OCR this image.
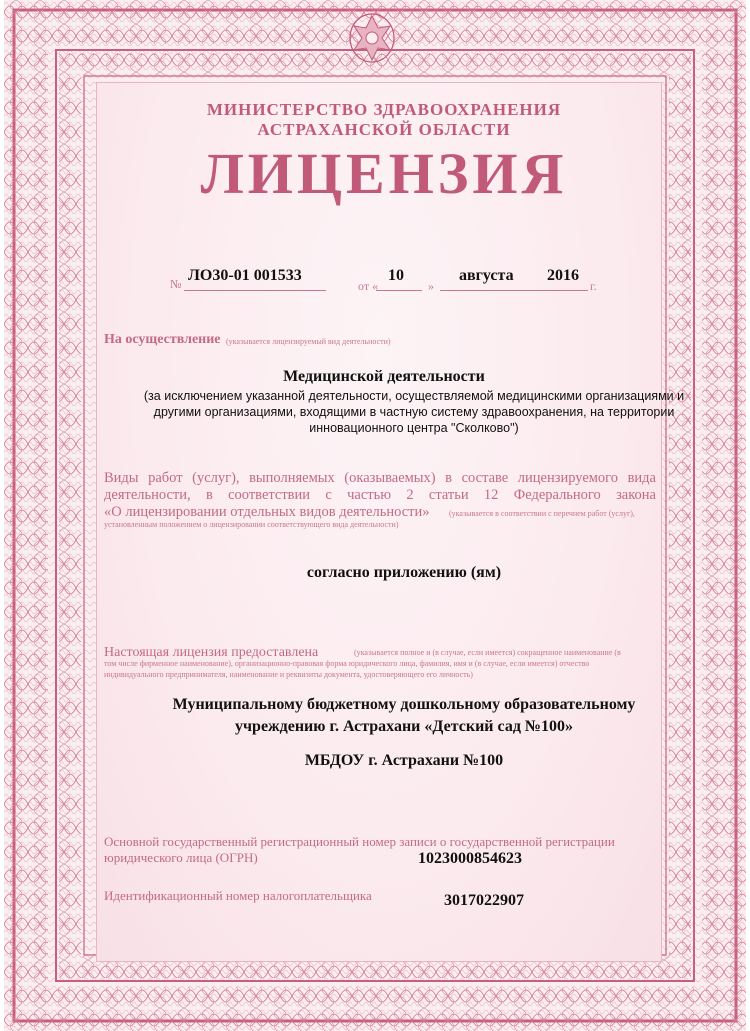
МИНИСТЕРСТВО ЗДРАВООХРАНЕНИЯ
АСТРАХАНСКОЙ ОБЛАСТИ
ЛИЦЕНЗИЯ
№ ЛО30-01 001533
от «
10
»
августа 2016
г.
На осуществление (указывается лицензируемый вид деятельности)
Медицинской деятельности
(за исключением указанной деятельности, осуществляемой медицинскими организациями и
другими организациями, входящими в частную систему здравоохранения, на территории
инновационного центра "Сколково")
Виды работ (услуг), выполняемых (оказываемых) в составе лицензируемого вида
деятельности, в соответствии с частью 2 статьи 12 Федерального закона
«О лицензировании отдельных видов деятельности» (указывается в соответствии с перечнем работ (услуг),
установленным положением о лицензировании соответствующего вида деятельности)
согласно приложению (ям)
Настоящая лицензия предоставлена	(указывается полное и (в случае, если имеется) сокращенное наименование (в
том числе фирменное наименование), организационно-правовая форма юридического лица, фамилия, имя и (в случае, если имеется) отчество
индивидуального предпринимателя, наименование и реквизиты документа, удостоверяющего его личность)
Муниципальному бюджетному дошкольному образовательному
учреждению г. Астрахани «Детский сад №100»
МБДОУ г. Астрахани №100
Основной государственный регистрационный номер записи о государственной регистрации
юридического лица (ОГРН)	1023000854623
Идентификационный номер налогоплательщика	3017022907
